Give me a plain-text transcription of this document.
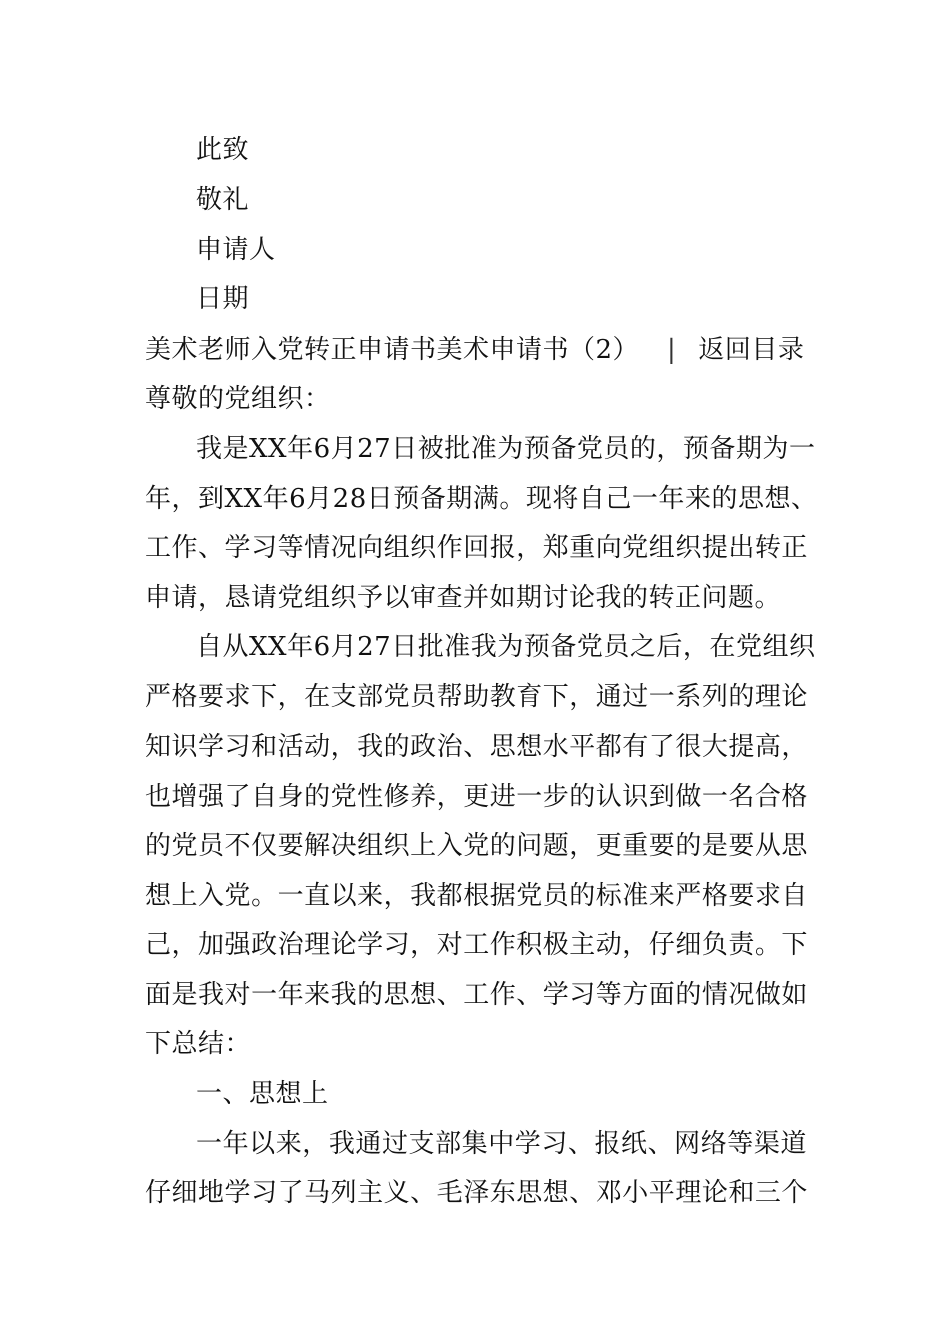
此致
敬礼
申请人
日期
美术老师入党转正申请书美术申请书（2） | 返回目录
尊敬的党组织：
我 是 XX 年 6 月 27 日 被 批 准 为 预 备 党 员 的 ， 预 备 期 为 一
年 ， 到 XX 年 6 月 28 日 预 备 期 满 。 现 将 自 己 一 年 来 的 思 想 、
工 作 、 学 习 等 情 况 向 组 织 作 回 报 ， 郑 重 向 党 组 织 提 出 转 正
申请，恳请党组织予以审查并如期讨论我的转正问题。
自 从 XX 年 6 月 27 日 批 准 我 为 预 备 党 员 之 后 ， 在 党 组 织
严 格 要 求 下 ， 在 支 部 党 员 帮 助 教 育 下 ， 通 过 一 系 列 的 理 论
知 识 学 习 和 活 动 ， 我 的 政 治 、 思 想 水 平 都 有 了 很 大 提 高 ，
也 增 强 了 自 身 的 党 性 修 养 ， 更 进 一 步 的 认 识 到 做 一 名 合 格
的 党 员 不 仅 要 解 决 组 织 上 入 党 的 问 题 ， 更 重 要 的 是 要 从 思
想 上 入 党 。 一 直 以 来 ， 我 都 根 据 党 员 的 标 准 来 严 格 要 求 自
己 ， 加 强 政 治 理 论 学 习 ， 对 工 作 积 极 主 动 ， 仔 细 负 责 。 下
面 是 我 对 一 年 来 我 的 思 想 、 工 作 、 学 习 等 方 面 的 情 况 做 如
下总结：
一、思想上
一 年 以 来 ， 我 通 过 支 部 集 中 学 习 、 报 纸 、 网 络 等 渠 道
仔 细 地 学 习 了 马 列 主 义 、 毛 泽 东 思 想 、 邓 小 平 理 论 和 三 个
